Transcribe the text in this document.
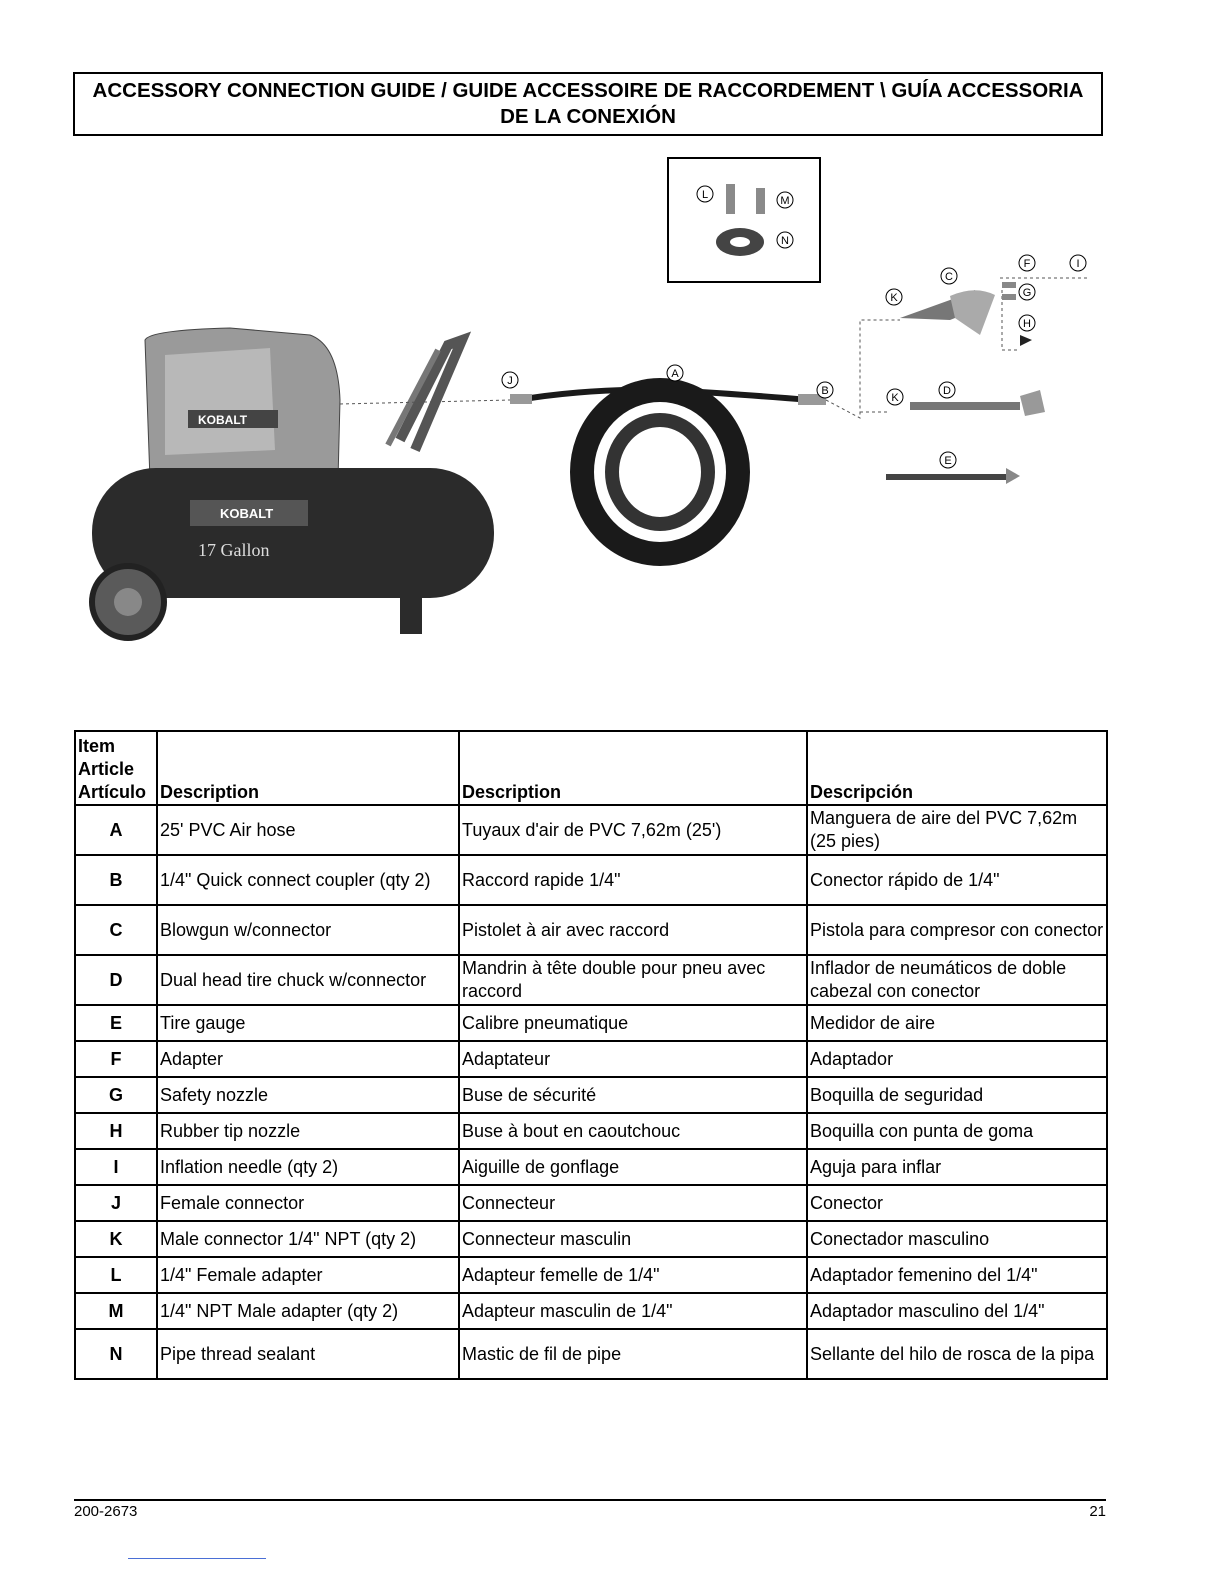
ACCESSORY CONNECTION GUIDE / GUIDE ACCESSOIRE DE RACCORDEMENT \ GUÍA ACCESSORIA DE LA CONEXIÓN
KOBALT
KOBALT
17 Gallon
A
B
C
D
E
F
G
H
I
J
K
K
L	M
N
Item
Article
Artículo	Description	Description	Descripción
A	25' PVC Air hose	Tuyaux d'air de PVC 7,62m (25')	Manguera de aire del PVC 7,62m (25 pies)
B	1/4" Quick connect coupler (qty 2)	Raccord rapide 1/4"	Conector rápido de 1/4"
C	Blowgun w/connector	Pistolet à air avec raccord	Pistola para compresor con conector
D	Dual head tire chuck w/connector	Mandrin à tête double pour pneu avec raccord	Inflador de neumáticos de doble cabezal con conector
E	Tire gauge	Calibre pneumatique	Medidor de aire
F	Adapter	Adaptateur	Adaptador
G	Safety nozzle	Buse de sécurité	Boquilla de seguridad
H	Rubber tip nozzle	Buse à bout en caoutchouc	Boquilla con punta de goma
I	Inflation needle (qty 2)	Aiguille de gonflage	Aguja para inflar
J	Female connector	Connecteur	Conector
K	Male connector 1/4" NPT (qty 2)	Connecteur masculin	Conectador masculino
L	1/4" Female adapter	Adapteur femelle de 1/4"	Adaptador femenino del 1/4"
M	1/4" NPT Male adapter (qty 2)	Adapteur masculin de 1/4"	Adaptador masculino del 1/4"
N	Pipe thread sealant	Mastic de fil de pipe	Sellante del hilo de rosca de la pipa
200-2673	21
